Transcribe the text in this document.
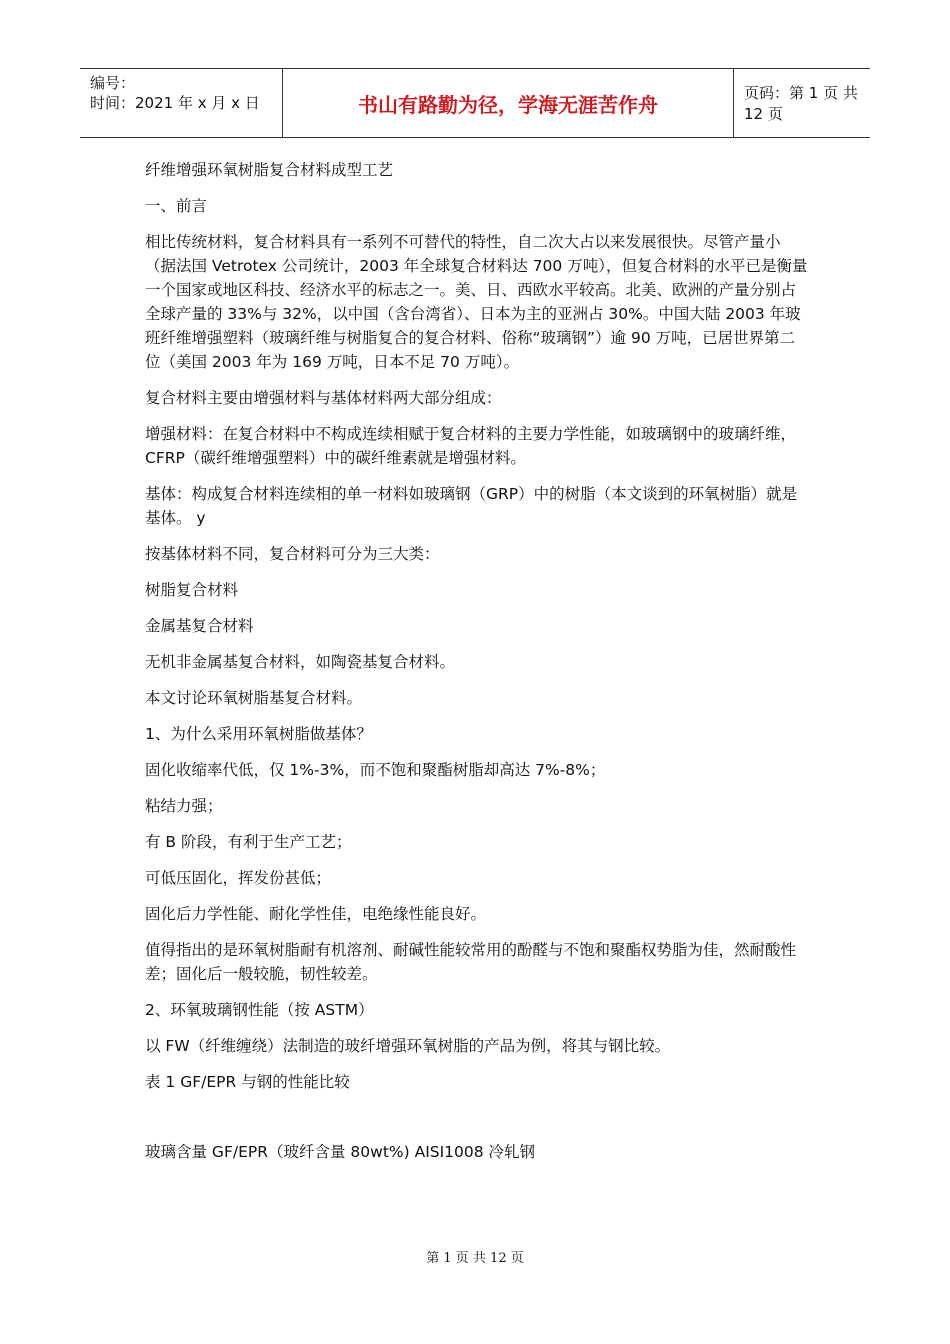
编号：
时间：2021 年 x 月 x 日	书山有路勤为径，学海无涯苦作舟	页码：第 1 页 共 12 页

纤维增强环氧树脂复合材料成型工艺

一、前言

相比传统材料，复合材料具有一系列不可替代的特性，自二次大占以来发展很快。尽管产量小（据法国 Vetrotex 公司统计，2003 年全球复合材料达 700 万吨），但复合材料的水平已是衡量一个国家或地区科技、经济水平的标志之一。美、日、西欧水平较高。北美、欧洲的产量分别占全球产量的 33%与 32%，以中国（含台湾省）、日本为主的亚洲占 30%。中国大陆 2003 年玻班纤维增强塑料（玻璃纤维与树脂复合的复合材料、俗称“玻璃钢”）逾 90 万吨，已居世界第二位（美国 2003 年为 169 万吨，日本不足 70 万吨）。

复合材料主要由增强材料与基体材料两大部分组成：

增强材料：在复合材料中不构成连续相赋于复合材料的主要力学性能，如玻璃钢中的玻璃纤维，CFRP（碳纤维增强塑料）中的碳纤维素就是增强材料。

基体：构成复合材料连续相的单一材料如玻璃钢（GRP）中的树脂（本文谈到的环氧树脂）就是基体。 y

按基体材料不同，复合材料可分为三大类：

树脂复合材料

金属基复合材料

无机非金属基复合材料，如陶瓷基复合材料。

本文讨论环氧树脂基复合材料。

1、为什么采用环氧树脂做基体？

固化收缩率代低，仅 1%-3%，而不饱和聚酯树脂却高达 7%-8%；

粘结力强；

有 B 阶段，有利于生产工艺；

可低压固化，挥发份甚低；

固化后力学性能、耐化学性佳，电绝缘性能良好。

值得指出的是环氧树脂耐有机溶剂、耐碱性能较常用的酚醛与不饱和聚酯权势脂为佳，然耐酸性差；固化后一般较脆，韧性较差。

2、环氧玻璃钢性能（按 ASTM）

以 FW（纤维缠绕）法制造的玻纤增强环氧树脂的产品为例，将其与钢比较。

表 1 GF/EPR 与钢的性能比较

玻璃含量 GF/EPR（玻纤含量 80wt%) AISI1008 冷轧钢

第 1 页 共 12 页
